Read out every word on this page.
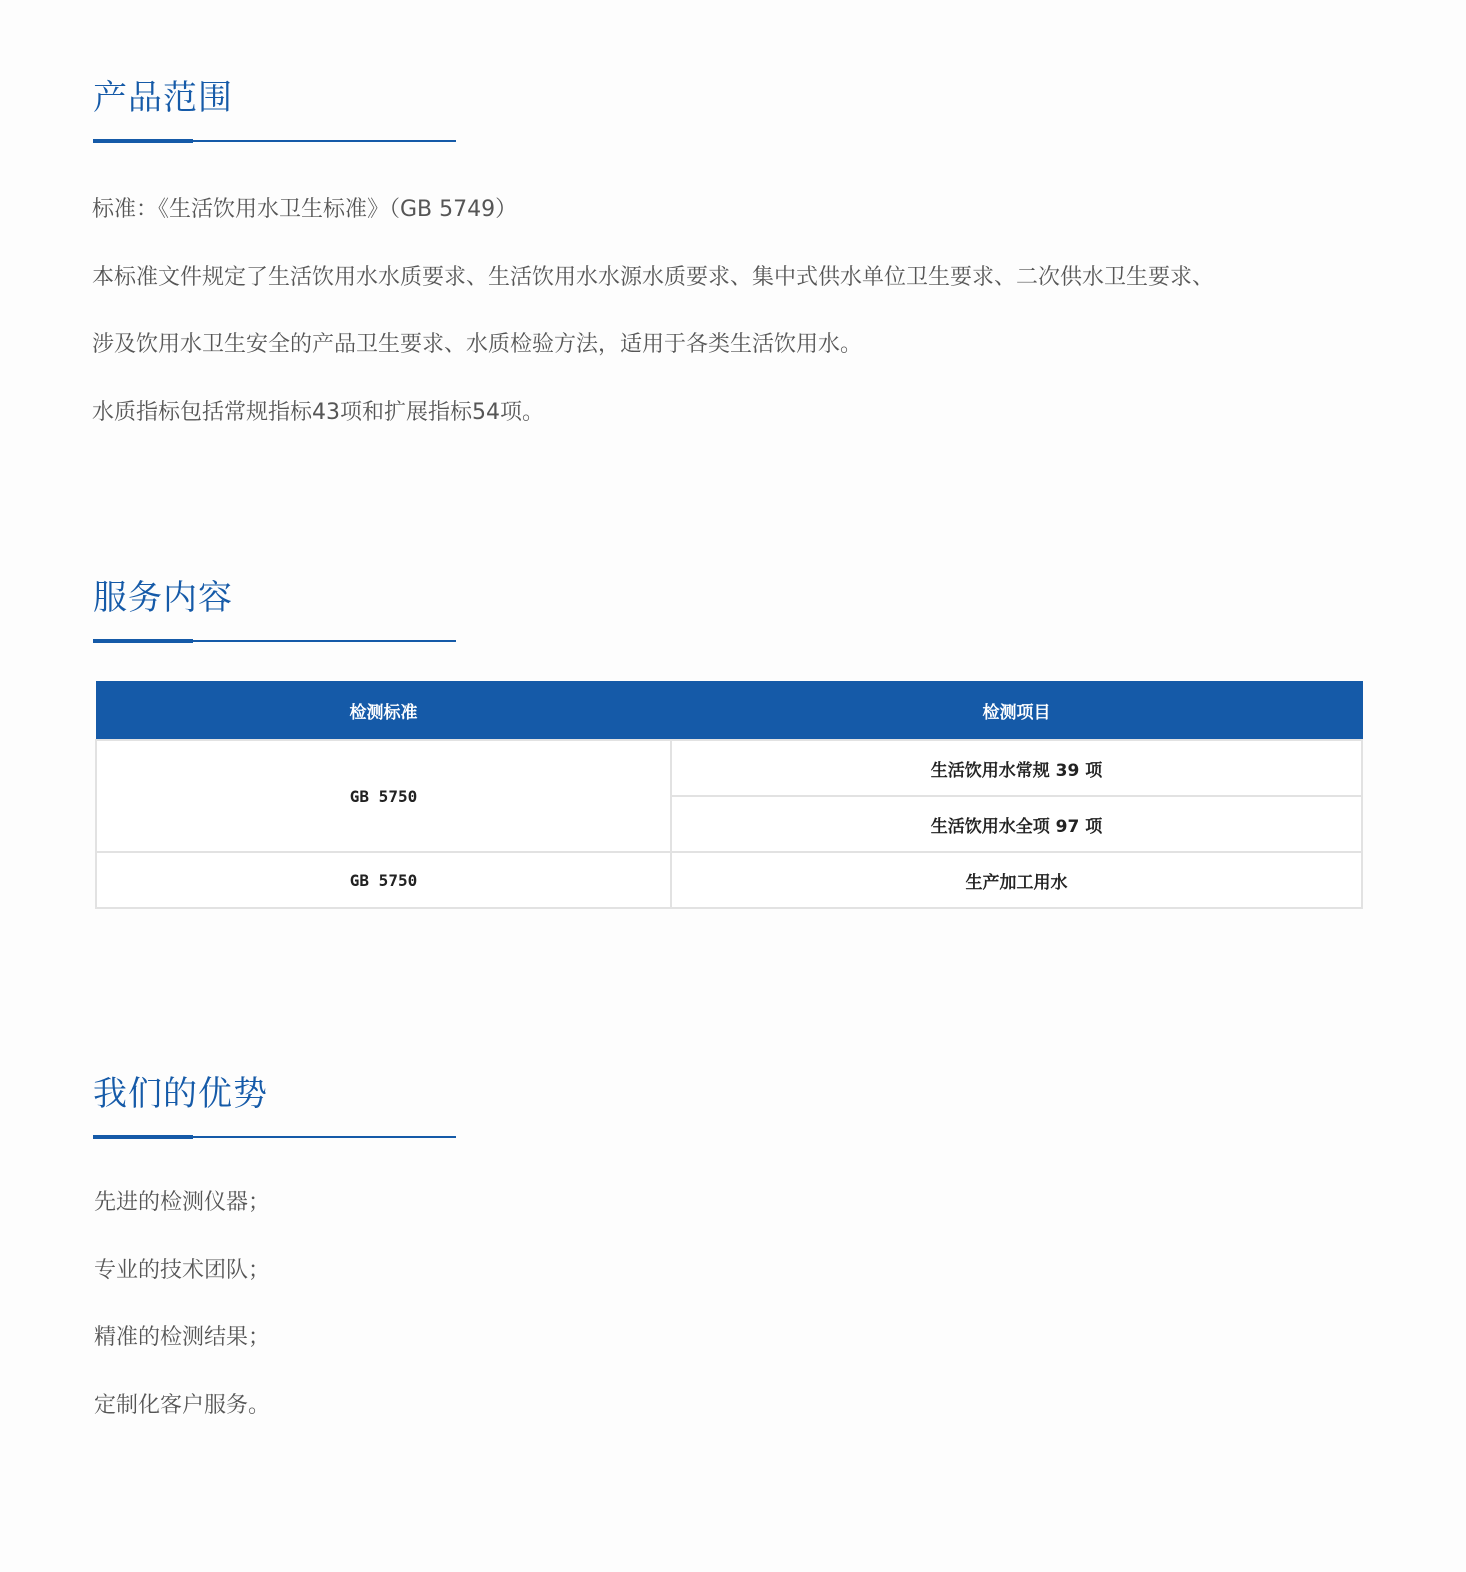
产品范围

标准：《生活饮用水卫生标准》（GB 5749）

本标准文件规定了生活饮用水水质要求、生活饮用水水源水质要求、集中式供水单位卫生要求、二次供水卫生要求、

涉及饮用水卫生安全的产品卫生要求、水质检验方法，适用于各类生活饮用水。

水质指标包括常规指标43项和扩展指标54项。

服务内容
检测标准	检测项目
GB 5750	生活饮用水常规 39 项
	生活饮用水全项 97 项
GB 5750	生产加工用水
我们的优势

先进的检测仪器；

专业的技术团队；

精准的检测结果；

定制化客户服务。
